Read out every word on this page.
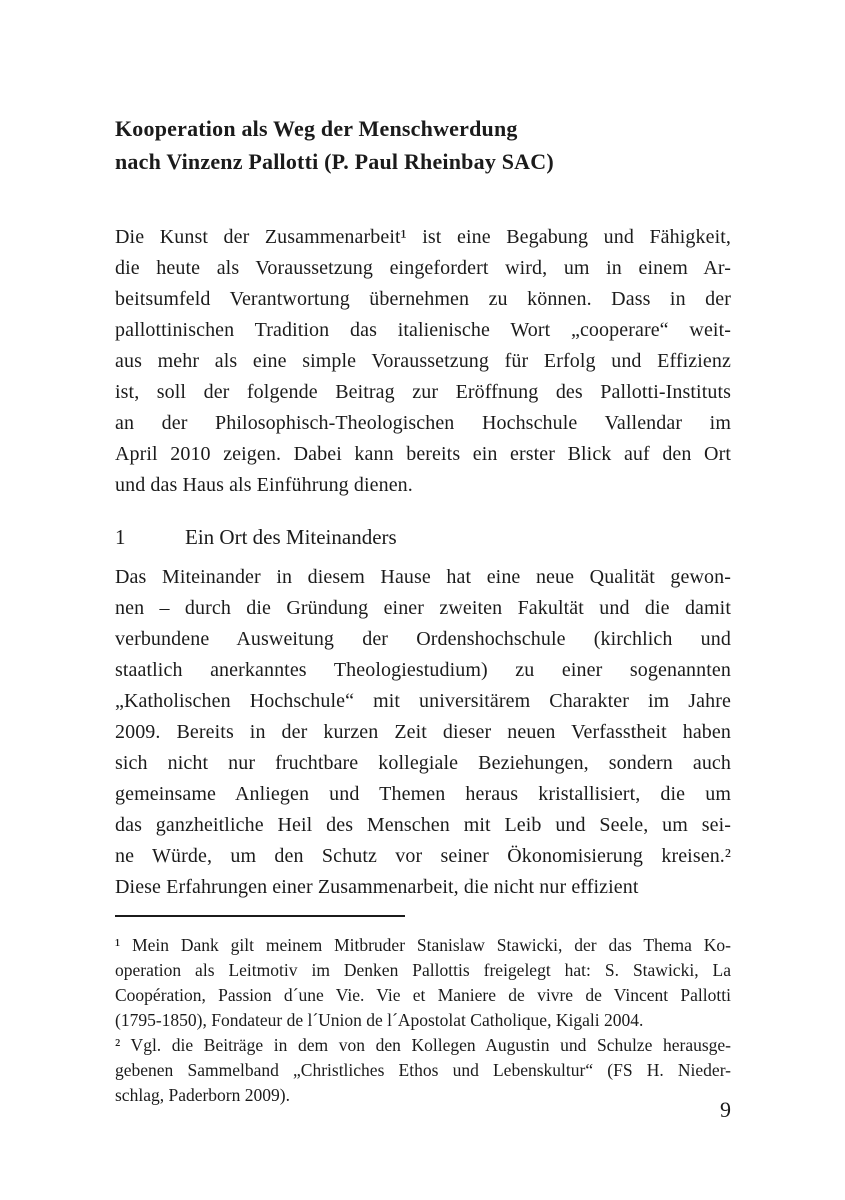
Kooperation als Weg der Menschwerdung
nach Vinzenz Pallotti (P. Paul Rheinbay SAC)
Die Kunst der Zusammenarbeit¹ ist eine Begabung und Fähigkeit,
die heute als Voraussetzung eingefordert wird, um in einem Ar-
beitsumfeld Verantwortung übernehmen zu können. Dass in der
pallottinischen Tradition das italienische Wort „cooperare“ weit-
aus mehr als eine simple Voraussetzung für Erfolg und Effizienz
ist, soll der folgende Beitrag zur Eröffnung des Pallotti-Instituts
an der Philosophisch-Theologischen Hochschule Vallendar im
April 2010 zeigen. Dabei kann bereits ein erster Blick auf den Ort
und das Haus als Einführung dienen.
1	Ein Ort des Miteinanders
Das Miteinander in diesem Hause hat eine neue Qualität gewon-
nen – durch die Gründung einer zweiten Fakultät und die damit
verbundene Ausweitung der Ordenshochschule (kirchlich und
staatlich anerkanntes Theologiestudium) zu einer sogenannten
„Katholischen Hochschule“ mit universitärem Charakter im Jahre
2009. Bereits in der kurzen Zeit dieser neuen Verfasstheit haben
sich nicht nur fruchtbare kollegiale Beziehungen, sondern auch
gemeinsame Anliegen und Themen heraus kristallisiert, die um
das ganzheitliche Heil des Menschen mit Leib und Seele, um sei-
ne Würde, um den Schutz vor seiner Ökonomisierung kreisen.²
Diese Erfahrungen einer Zusammenarbeit, die nicht nur effizient
¹ Mein Dank gilt meinem Mitbruder Stanislaw Stawicki, der das Thema Ko-
operation als Leitmotiv im Denken Pallottis freigelegt hat: S. Stawicki, La
Coopération, Passion d´une Vie. Vie et Maniere de vivre de Vincent Pallotti
(1795-1850), Fondateur de l´Union de l´Apostolat Catholique, Kigali 2004.
² Vgl. die Beiträge in dem von den Kollegen Augustin und Schulze herausge-
gebenen Sammelband „Christliches Ethos und Lebenskultur“ (FS H. Nieder-
schlag, Paderborn 2009).
9
